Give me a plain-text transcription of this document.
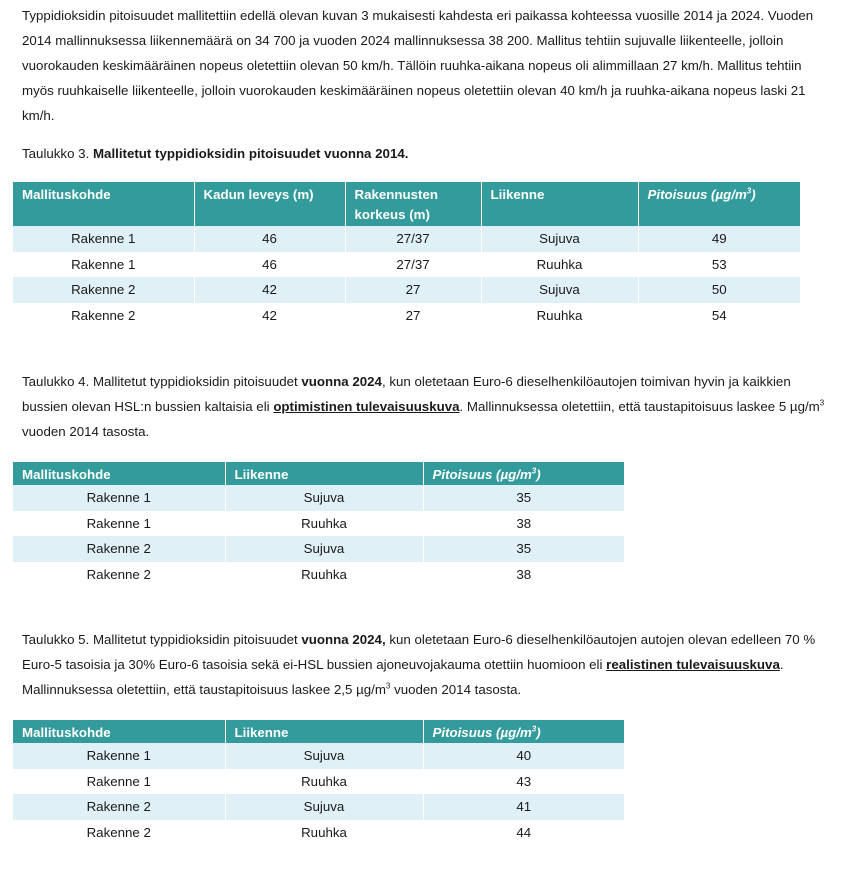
Typpidioksidin pitoisuudet mallitettiin edellä olevan kuvan 3 mukaisesti kahdesta eri paikassa kohteessa vuosille 2014 ja 2024. Vuoden 2014 mallinnuksessa liikennemäärä on 34 700 ja vuoden 2024 mallinnuksessa 38 200. Mallitus tehtiin sujuvalle liikenteelle, jolloin vuorokauden keskimääräinen nopeus oletettiin olevan 50 km/h. Tällöin ruuhka-aikana nopeus oli alimmillaan 27 km/h. Mallitus tehtiin myös ruuhkaiselle liikenteelle, jolloin vuorokauden keskimääräinen nopeus oletettiin olevan 40 km/h ja ruuhka-aikana nopeus laski 21 km/h.

Taulukko 3. Mallitetut typpidioksidin pitoisuudet vuonna 2014.

Mallituskohde	Kadun leveys (m)	Rakennusten korkeus (m)	Liikenne	Pitoisuus $(\mu g/m^3)$
Rakenne 1	46	27/37	Sujuva	49
Rakenne 1	46	27/37	Ruuhka	53
Rakenne 2	42	27	Sujuva	50
Rakenne 2	42	27	Ruuhka	54

Taulukko 4. Mallitetut typpidioksidin pitoisuudet vuonna 2024, kun oletetaan Euro-6 dieselhenkilöautojen toimivan hyvin ja kaikkien bussien olevan HSL:n bussien kaltaisia eli optimistinen tulevaisuuskuva. Mallinnuksessa oletettiin, että taustapitoisuus laskee 5 $\mu g/m^3$ vuoden 2014 tasosta.

Mallituskohde	Liikenne	Pitoisuus $(\mu g/m^3)$
Rakenne 1	Sujuva	35
Rakenne 1	Ruuhka	38
Rakenne 2	Sujuva	35
Rakenne 2	Ruuhka	38

Taulukko 5. Mallitetut typpidioksidin pitoisuudet vuonna 2024, kun oletetaan Euro-6 dieselhenkilöautojen autojen olevan edelleen 70 % Euro-5 tasoisia ja 30% Euro-6 tasoisia sekä ei-HSL bussien ajoneuvojakauma otettiin huomioon eli realistinen tulevaisuuskuva. Mallinnuksessa oletettiin, että taustapitoisuus laskee 2,5 $\mu g/m^3$ vuoden 2014 tasosta.

Mallituskohde	Liikenne	Pitoisuus $(\mu g/m^3)$
Rakenne 1	Sujuva	40
Rakenne 1	Ruuhka	43
Rakenne 2	Sujuva	41
Rakenne 2	Ruuhka	44
